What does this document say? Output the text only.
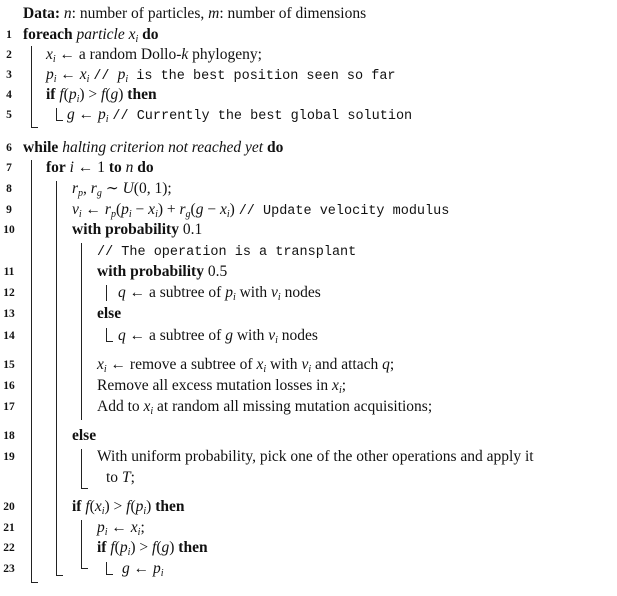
Data: n: number of particles, m: number of dimensions
1 foreach particle $x_i$ do
2 $x_i$ ← a random Dollo-k phylogeny;
3 $p_i$ ← $x_i // p_i$ is the best position seen so far
4 if $f(p_i) > f(g)$ then
5	g ← $p_i$ // Currently the best global solution
6 while halting criterion not reached yet do
7 for i ← 1 to n do
8	$r_p$, $r_g$ ∼ U(0, 1);
9	$v_i$ ← $r_p(p_i - x_i) + r_g(g - x_i)$ // Update velocity modulus
10	with probability 0.1
// The operation is a transplant
11	with probability 0.5
12	q ← a subtree of $p_i$ with $v_i$ nodes
13	else
14	q ← a subtree of g with $v_i$ nodes
15	$x_i$ ← remove a subtree of $x_i$ with $v_i$ and attach q;
16	Remove all excess mutation losses in $x_i$;
17	Add to $x_i$ at random all missing mutation acquisitions;
18	else
19	With uniform probability, pick one of the other operations and apply it
to T;
20	if $f(x_i) > f(p_i)$ then
21	$p_i$ ← $x_i$;
22	if $f(p_i) > f(g)$ then
23	g ← $p_i$
